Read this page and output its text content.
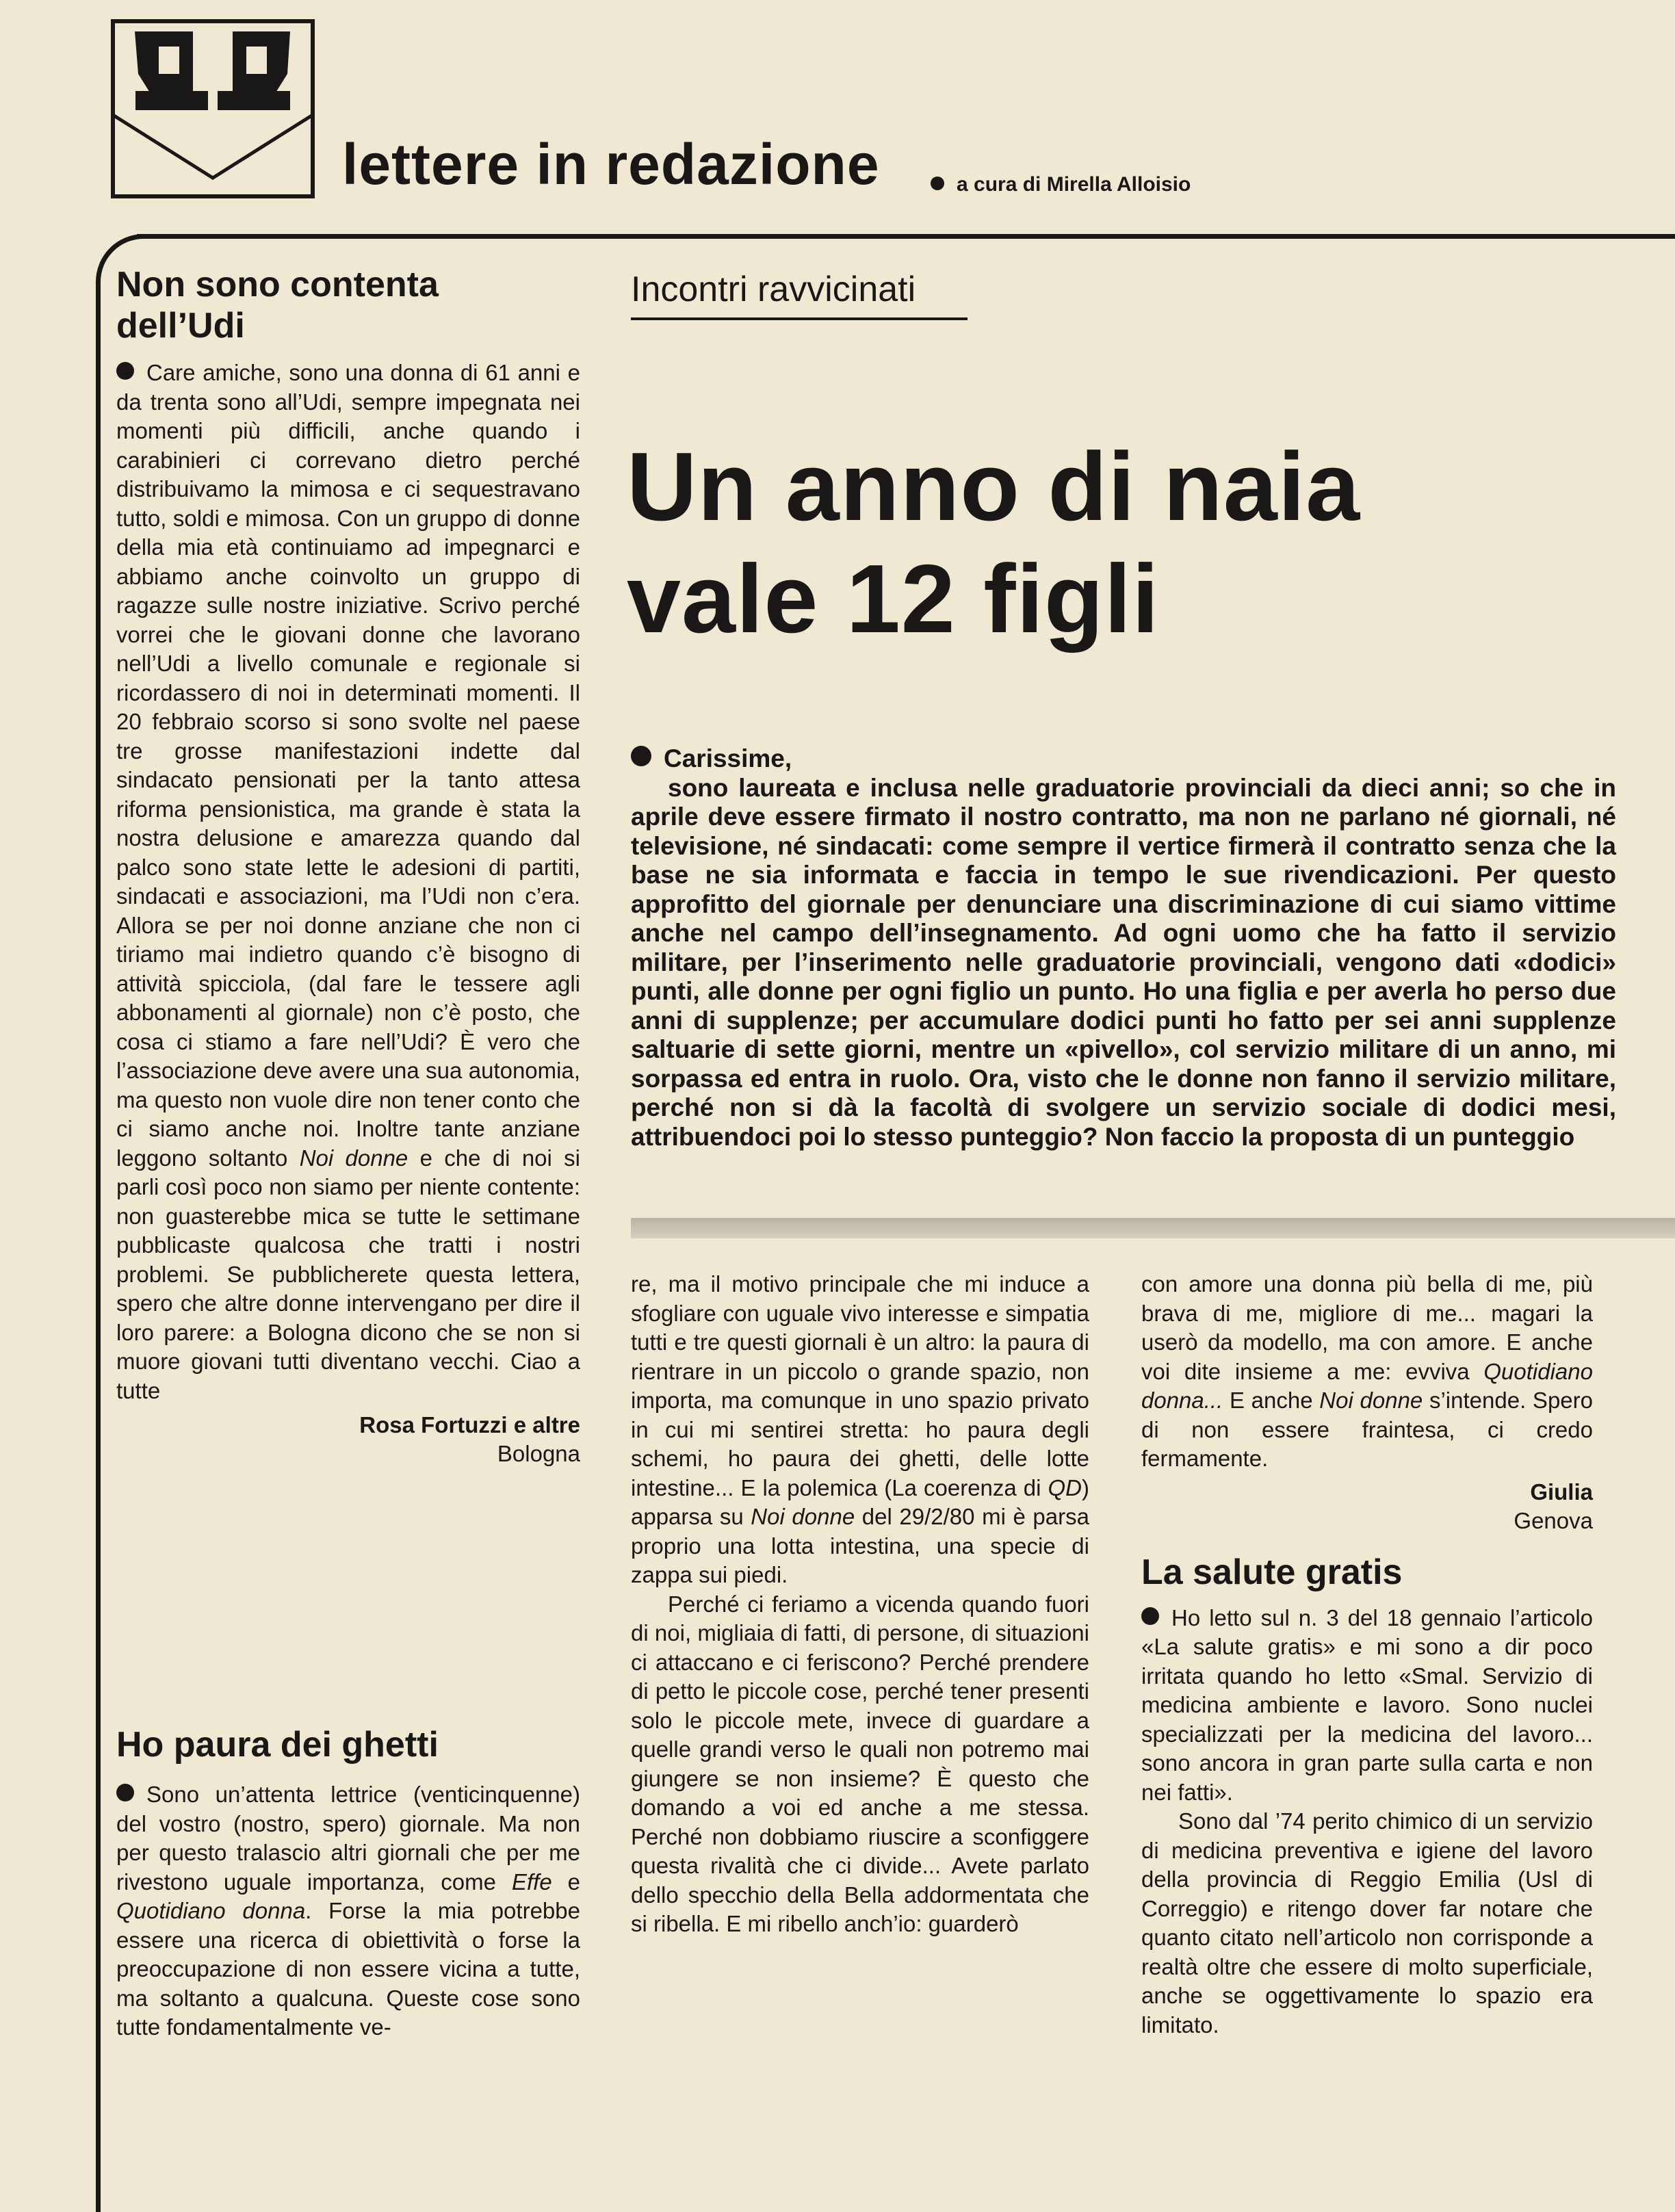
lettere in redazione	a cura di Mirella Alloisio
Non sono contenta dell’Udi

Care amiche, sono una donna di 61 anni e da trenta sono all’Udi, sempre impegnata nei momenti più difficili, anche quando i carabinieri ci correvano dietro perché distribuivamo la mimosa e ci sequestravano tutto, soldi e mimosa. Con un gruppo di donne della mia età continuiamo ad impegnarci e abbiamo anche coinvolto un gruppo di ragazze sulle nostre iniziative. Scrivo perché vorrei che le giovani donne che lavorano nell’Udi a livello comunale e regionale si ricordassero di noi in determinati momenti. Il 20 febbraio scorso si sono svolte nel paese tre grosse manifestazioni indette dal sindacato pensionati per la tanto attesa riforma pensionistica, ma grande è stata la nostra delusione e amarezza quando dal palco sono state lette le adesioni di partiti, sindacati e associazioni, ma l’Udi non c’era. Allora se per noi donne anziane che non ci tiriamo mai indietro quando c’è bisogno di attività spicciola, (dal fare le tessere agli abbonamenti al giornale) non c’è posto, che cosa ci stiamo a fare nell’Udi? È vero che l’associazione deve avere una sua autonomia, ma questo non vuole dire non tener conto che ci siamo anche noi. Inoltre tante anziane leggono soltanto Noi donne e che di noi si parli così poco non siamo per niente contente: non guasterebbe mica se tutte le settimane pubblicaste qualcosa che tratti i nostri problemi. Se pubblicherete questa lettera, spero che altre donne intervengano per dire il loro parere: a Bologna dicono che se non si muore giovani tutti diventano vecchi. Ciao a tutte

Rosa Fortuzzi e altre
Bologna
Ho paura dei ghetti

Sono un’attenta lettrice (venticinquenne) del vostro (nostro, spero) giornale. Ma non per questo tralascio altri giornali che per me rivestono uguale importanza, come Effe e Quotidiano donna. Forse la mia potrebbe essere una ricerca di obiettività o forse la preoccupazione di non essere vicina a tutte, ma soltanto a qualcuna. Queste cose sono tutte fondamentalmente ve-

Incontri ravvicinati
Un anno di naia
vale 12 figli
Carissime,

sono laureata e inclusa nelle graduatorie provinciali da dieci anni; so che in aprile deve essere firmato il nostro contratto, ma non ne parlano né giornali, né televisione, né sindacati: come sempre il vertice firmerà il contratto senza che la base ne sia informata e faccia in tempo le sue rivendicazioni. Per questo approfitto del giornale per denunciare una discriminazione di cui siamo vittime anche nel campo dell’insegnamento. Ad ogni uomo che ha fatto il servizio militare, per l’inserimento nelle graduatorie provinciali, vengono dati «dodici» punti, alle donne per ogni figlio un punto. Ho una figlia e per averla ho perso due anni di supplenze; per accumulare dodici punti ho fatto per sei anni supplenze saltuarie di sette giorni, mentre un «pivello», col servizio militare di un anno, mi sorpassa ed entra in ruolo. Ora, visto che le donne non fanno il servizio militare, perché non si dà la facoltà di svolgere un servizio sociale di dodici mesi, attribuendoci poi lo stesso punteggio? Non faccio la proposta di un punteggio

re, ma il motivo principale che mi induce a sfogliare con uguale vivo interesse e simpatia tutti e tre questi giornali è un altro: la paura di rientrare in un piccolo o grande spazio, non importa, ma comunque in uno spazio privato in cui mi sentirei stretta: ho paura degli schemi, ho paura dei ghetti, delle lotte intestine... E la polemica (La coerenza di QD) apparsa su Noi donne del 29/2/80 mi è parsa proprio una lotta intestina, una specie di zappa sui piedi.

Perché ci feriamo a vicenda quando fuori di noi, migliaia di fatti, di persone, di situazioni ci attaccano e ci feriscono? Perché prendere di petto le piccole cose, perché tener presenti solo le piccole mete, invece di guardare a quelle grandi verso le quali non potremo mai giungere se non insieme? È questo che domando a voi ed anche a me stessa. Perché non dobbiamo riuscire a sconfiggere questa rivalità che ci divide... Avete parlato dello specchio della Bella addormentata che si ribella. E mi ribello anch’io: guarderò

con amore una donna più bella di me, più brava di me, migliore di me... magari la userò da modello, ma con amore. E anche voi dite insieme a me: evviva Quotidiano donna... E anche Noi donne s’intende. Spero di non essere fraintesa, ci credo fermamente.

Giulia
Genova
La salute gratis

Ho letto sul n. 3 del 18 gennaio l’articolo «La salute gratis» e mi sono a dir poco irritata quando ho letto «Smal. Servizio di medicina ambiente e lavoro. Sono nuclei specializzati per la medicina del lavoro... sono ancora in gran parte sulla carta e non nei fatti».

Sono dal ’74 perito chimico di un servizio di medicina preventiva e igiene del lavoro della provincia di Reggio Emilia (Usl di Correggio) e ritengo dover far notare che quanto citato nell’articolo non corrisponde a realtà oltre che essere di molto superficiale, anche se oggettivamente lo spazio era limitato.
